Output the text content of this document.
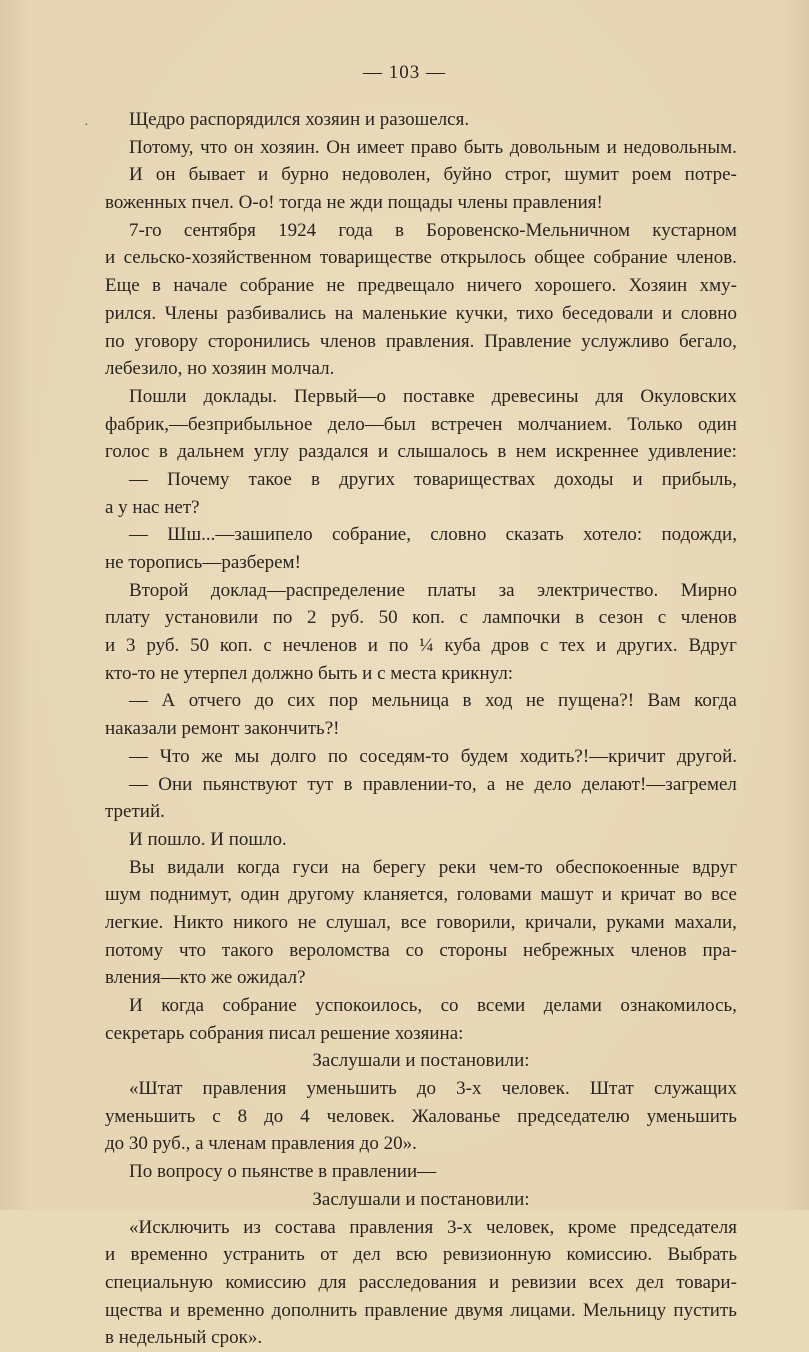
— 103 —
Щедро распорядился хозяин и разошелся.
Потому, что он хозяин. Он имеет право быть довольным и недовольным.
И он бывает и бурно недоволен, буйно строг, шумит роем потре-
воженных пчел. О-о! тогда не жди пощады члены правления!
7-го сентября 1924 года в Боровенско-Мельничном кустарном
и сельско-хозяйственном товариществе открылось общее собрание членов.
Еще в начале собрание не предвещало ничего хорошего. Хозяин хму-
рился. Члены разбивались на маленькие кучки, тихо беседовали и словно
по уговору сторонились членов правления. Правление услужливо бегало,
лебезило, но хозяин молчал.
Пошли доклады. Первый—о поставке древесины для Окуловских
фабрик,—безприбыльное дело—был встречен молчанием. Только один
голос в дальнем углу раздался и слышалось в нем искреннее удивление:
— Почему такое в других товариществах доходы и прибыль,
а у нас нет?
— Шш...—зашипело собрание, словно сказать хотело: подожди,
не торопись—разберем!
Второй доклад—распределение платы за электричество. Мирно
плату установили по 2 руб. 50 коп. с лампочки в сезон с членов
и 3 руб. 50 коп. с нечленов и по ¼ куба дров с тех и других. Вдруг
кто-то не утерпел должно быть и с места крикнул:
— А отчего до сих пор мельница в ход не пущена?! Вам когда
наказали ремонт закончить?!
— Что же мы долго по соседям-то будем ходить?!—кричит другой.
— Они пьянствуют тут в правлении-то, а не дело делают!—загремел
третий.
И пошло. И пошло.
Вы видали когда гуси на берегу реки чем-то обеспокоенные вдруг
шум поднимут, один другому кланяется, головами машут и кричат во все
легкие. Никто никого не слушал, все говорили, кричали, руками махали,
потому что такого вероломства со стороны небрежных членов пра-
вления—кто же ожидал?
И когда собрание успокоилось, со всеми делами ознакомилось,
секретарь собрания писал решение хозяина:
Заслушали и постановили:
«Штат правления уменьшить до 3-х человек. Штат служащих
уменьшить с 8 до 4 человек. Жалованье председателю уменьшить
до 30 руб., а членам правления до 20».
По вопросу о пьянстве в правлении—
Заслушали и постановили:
«Исключить из состава правления 3-х человек, кроме председателя
и временно устранить от дел всю ревизионную комиссию. Выбрать
специальную комиссию для расследования и ревизии всех дел товари-
щества и временно дополнить правление двумя лицами. Мельницу пустить
в недельный срок».
·
